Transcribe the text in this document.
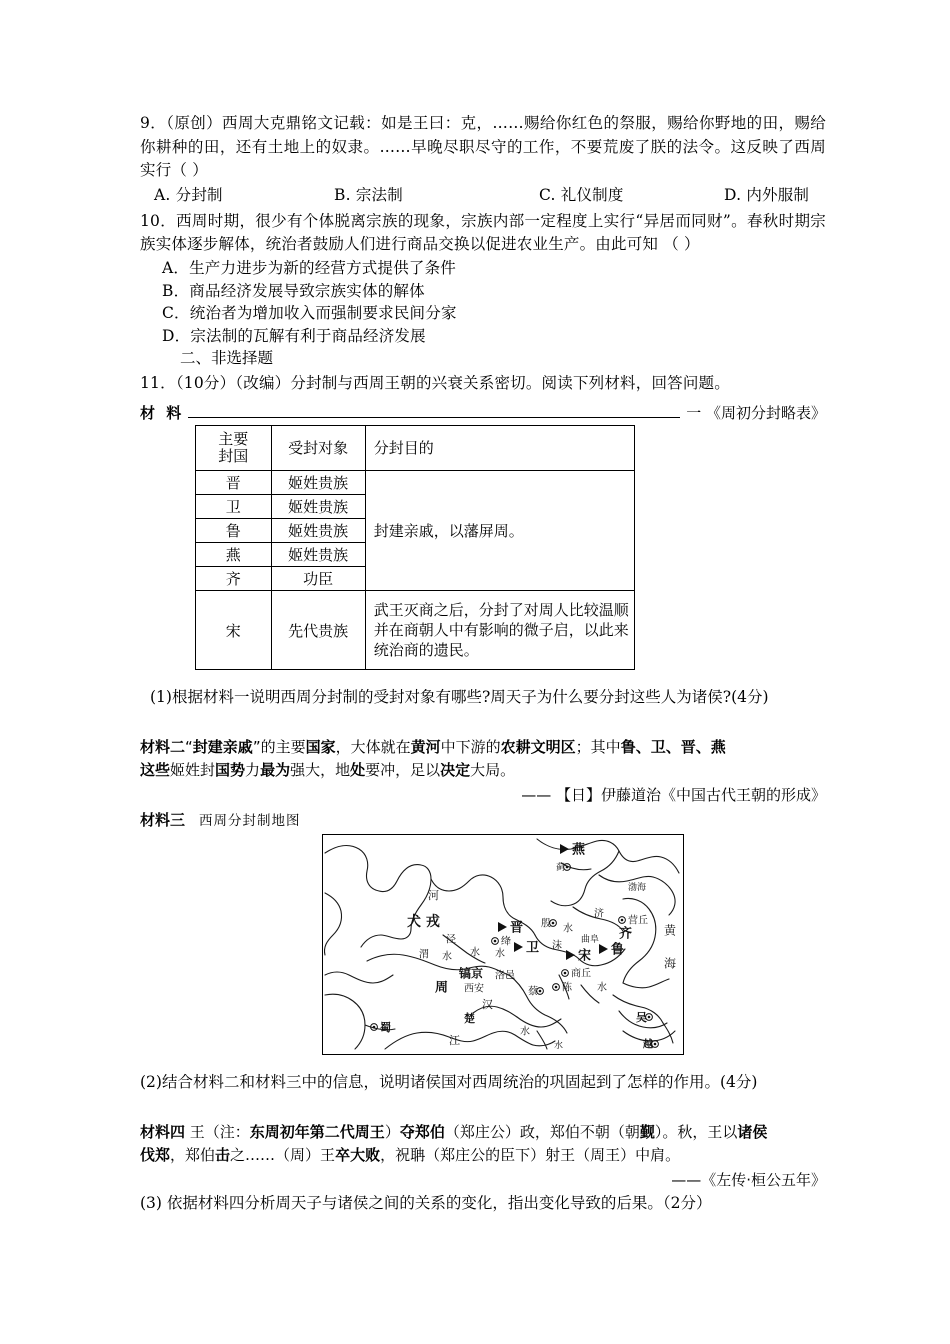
9．（原创）西周大克鼎铭文记载：如是王曰：克，……赐给你红色的祭服，赐给你野地的田，赐给你耕种的田，还有土地上的奴隶。……早晚尽职尽守的工作，不要荒废了朕的法令。这反映了西周实行（ ）

A. 分封制	B. 宗法制	C. 礼仪制度	D. 内外服制

10．西周时期，很少有个体脱离宗族的现象，宗族内部一定程度上实行“异居而同财”。春秋时期宗族实体逐步解体，统治者鼓励人们进行商品交换以促进农业生产。由此可知 （ ）

A．生产力进步为新的经营方式提供了条件
B．商品经济发展导致宗族实体的解体
C．统治者为增加收入而强制要求民间分家
D．宗法制的瓦解有利于商品经济发展
二、非选择题
11．（10分）（改编）分封制与西周王朝的兴衰关系密切。阅读下列材料，回答问题。
材 料	一 《周初分封略表》
主要
封国	受封对象	分封目的
晋	姬姓贵族	封建亲戚，以藩屏周。
卫	姬姓贵族	
鲁	姬姓贵族	
燕	姬姓贵族	
齐	功臣	
宋	先代贵族	武王灭商之后，分封了对周人比较温顺并在商朝人中有影响的微子启，以此来统治商的遗民。
(1)根据材料一说明西周分封制的受封对象有哪些?周天子为什么要分封这些人为诸侯?(4分)
材料二“封建亲戚”的主要国家，大体就在黄河中下游的农耕文明区；其中鲁、卫、晋、燕
这些姬姓封国势力最为强大，地处要冲，足以决定大局。
—— 【日】伊藤道治《中国古代王朝的形成》
材料三 西周分封制地图
燕
蓟
渤海
河
犬 戎	晋 殷
济
营丘
齐	黄
水
泾	绛 卫 沫
曲阜
鲁
渭 水 水 水	宋	海
镐京 洛邑	商丘
周 西安	蔡 陈	水
汉
吴
蜀
楚
江
水
水	越
(2)结合材料二和材料三中的信息，说明诸侯国对西周统治的巩固起到了怎样的作用。(4分)
材料四 王（注：东周初年第二代周王）夺郑伯（郑庄公）政，郑伯不朝（朝觐）。秋，王以诸侯
伐郑，郑伯击之……（周）王卒大败，祝聃（郑庄公的臣下）射王（周王）中肩。
——《左传·桓公五年》
(3) 依据材料四分析周天子与诸侯之间的关系的变化，指出变化导致的后果。（2分）
